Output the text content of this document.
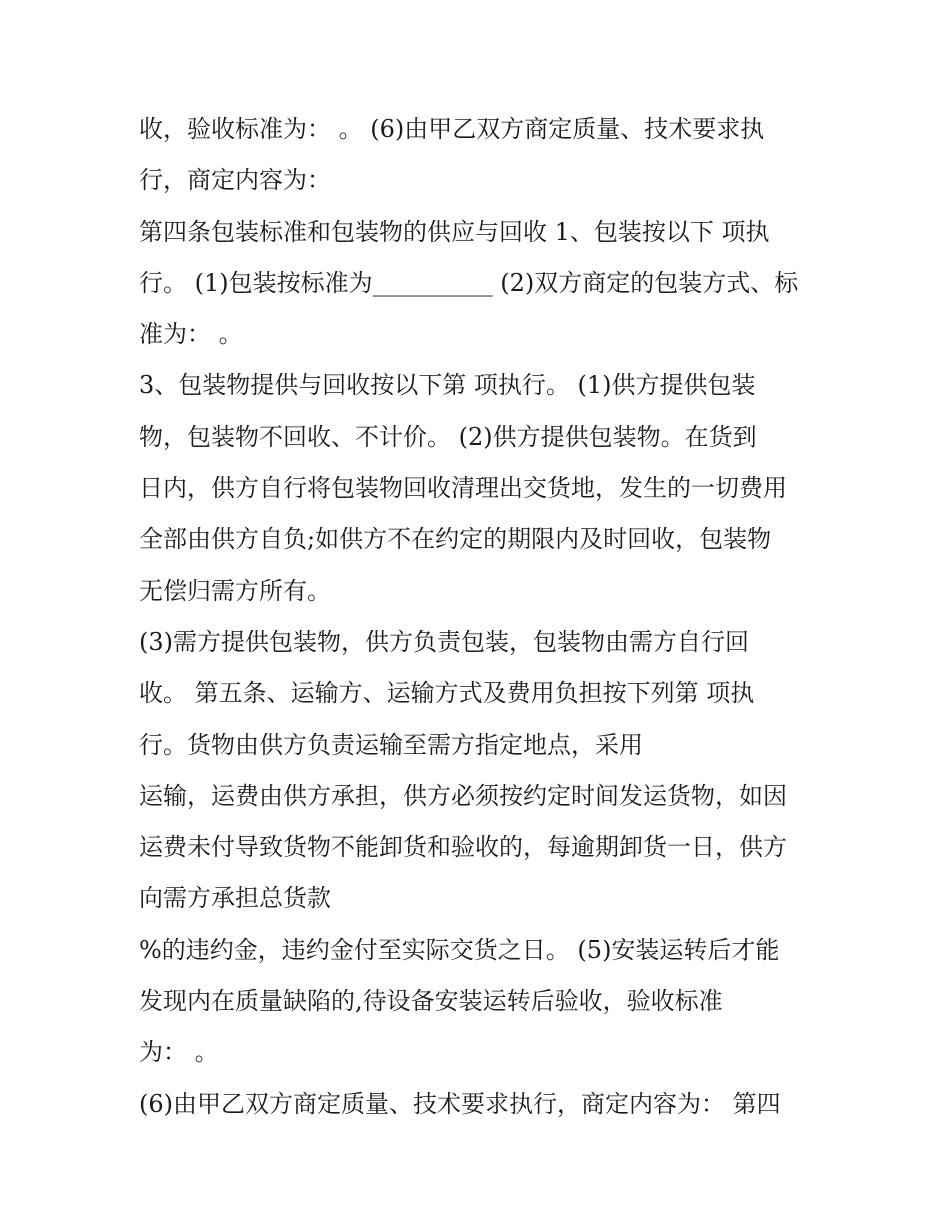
收，验收标准为： 。 (6)由甲乙双方商定质量、技术要求执
行，商定内容为：
第四条包装标准和包装物的供应与回收 1、包装按以下 项执
行。 (1)包装按标准为__________ (2)双方商定的包装方式、标
准为： 。
3、包装物提供与回收按以下第 项执行。 (1)供方提供包装
物，包装物不回收、不计价。 (2)供方提供包装物。在货到
日内，供方自行将包装物回收清理出交货地，发生的一切费用
全部由供方自负;如供方不在约定的期限内及时回收，包装物
无偿归需方所有。
(3)需方提供包装物，供方负责包装，包装物由需方自行回
收。 第五条、运输方、运输方式及费用负担按下列第 项执
行。货物由供方负责运输至需方指定地点，采用
运输，运费由供方承担，供方必须按约定时间发运货物，如因
运费未付导致货物不能卸货和验收的，每逾期卸货一日，供方
向需方承担总货款
%的违约金，违约金付至实际交货之日。 (5)安装运转后才能
发现内在质量缺陷的,待设备安装运转后验收，验收标准
为： 。
(6)由甲乙双方商定质量、技术要求执行，商定内容为： 第四
